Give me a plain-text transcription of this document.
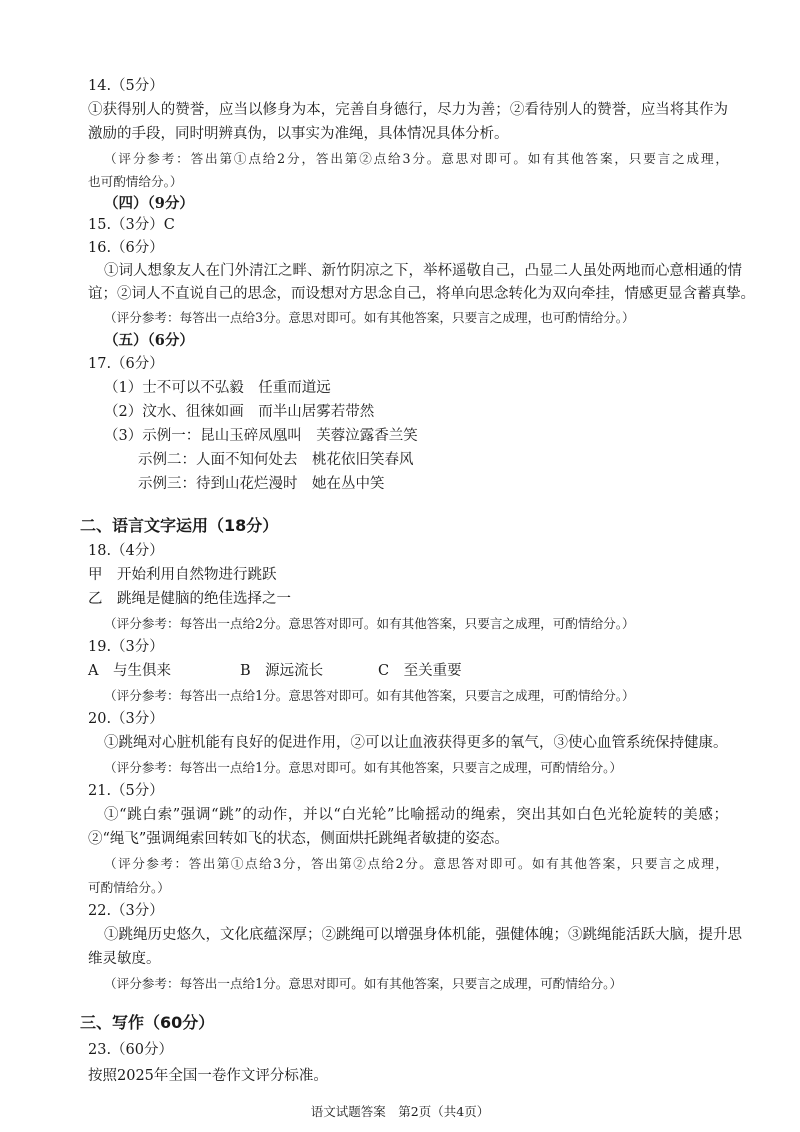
14.（5分）
①获得别人的赞誉，应当以修身为本，完善自身德行，尽力为善；②看待别人的赞誉，应当将其作为
激励的手段，同时明辨真伪，以事实为准绳，具体情况具体分析。
（评分参考：答出第①点给2分，答出第②点给3分。意思对即可。如有其他答案，只要言之成理，
也可酌情给分。）
（四）（9分）
15.（3分）C
16.（6分）
①词人想象友人在门外清江之畔、新竹阴凉之下，举杯遥敬自己，凸显二人虽处两地而心意相通的情
谊；②词人不直说自己的思念，而设想对方思念自己，将单向思念转化为双向牵挂，情感更显含蓄真挚。
（评分参考：每答出一点给3分。意思对即可。如有其他答案，只要言之成理，也可酌情给分。）
（五）（6分）
17.（6分）
（1）士不可以不弘毅　任重而道远
（2）汶水、徂徕如画　而半山居雾若带然
（3）示例一：昆山玉碎凤凰叫　芙蓉泣露香兰笑
示例二：人面不知何处去　桃花依旧笑春风
示例三：待到山花烂漫时　她在丛中笑
二、语言文字运用（18分）
18.（4分）
甲　开始利用自然物进行跳跃
乙　跳绳是健脑的绝佳选择之一
（评分参考：每答出一点给2分。意思答对即可。如有其他答案，只要言之成理，可酌情给分。）
19.（3分）
A　与生俱来	B　源远流长	C　至关重要
（评分参考：每答出一点给1分。意思答对即可。如有其他答案，只要言之成理，可酌情给分。）
20.（3分）
①跳绳对心脏机能有良好的促进作用，②可以让血液获得更多的氧气，③使心血管系统保持健康。
（评分参考：每答出一点给1分。意思对即可。如有其他答案，只要言之成理，可酌情给分。）
21.（5分）
①“跳白索”强调“跳”的动作，并以“白光轮”比喻摇动的绳索，突出其如白色光轮旋转的美感；
②“绳飞”强调绳索回转如飞的状态，侧面烘托跳绳者敏捷的姿态。
（评分参考：答出第①点给3分，答出第②点给2分。意思答对即可。如有其他答案，只要言之成理，
可酌情给分。）
22.（3分）
①跳绳历史悠久，文化底蕴深厚；②跳绳可以增强身体机能，强健体魄；③跳绳能活跃大脑，提升思
维灵敏度。
（评分参考：每答出一点给1分。意思对即可。如有其他答案，只要言之成理，可酌情给分。）
三、写作（60分）
23.（60分）
按照2025年全国一卷作文评分标准。
语文试题答案　第2页（共4页）
